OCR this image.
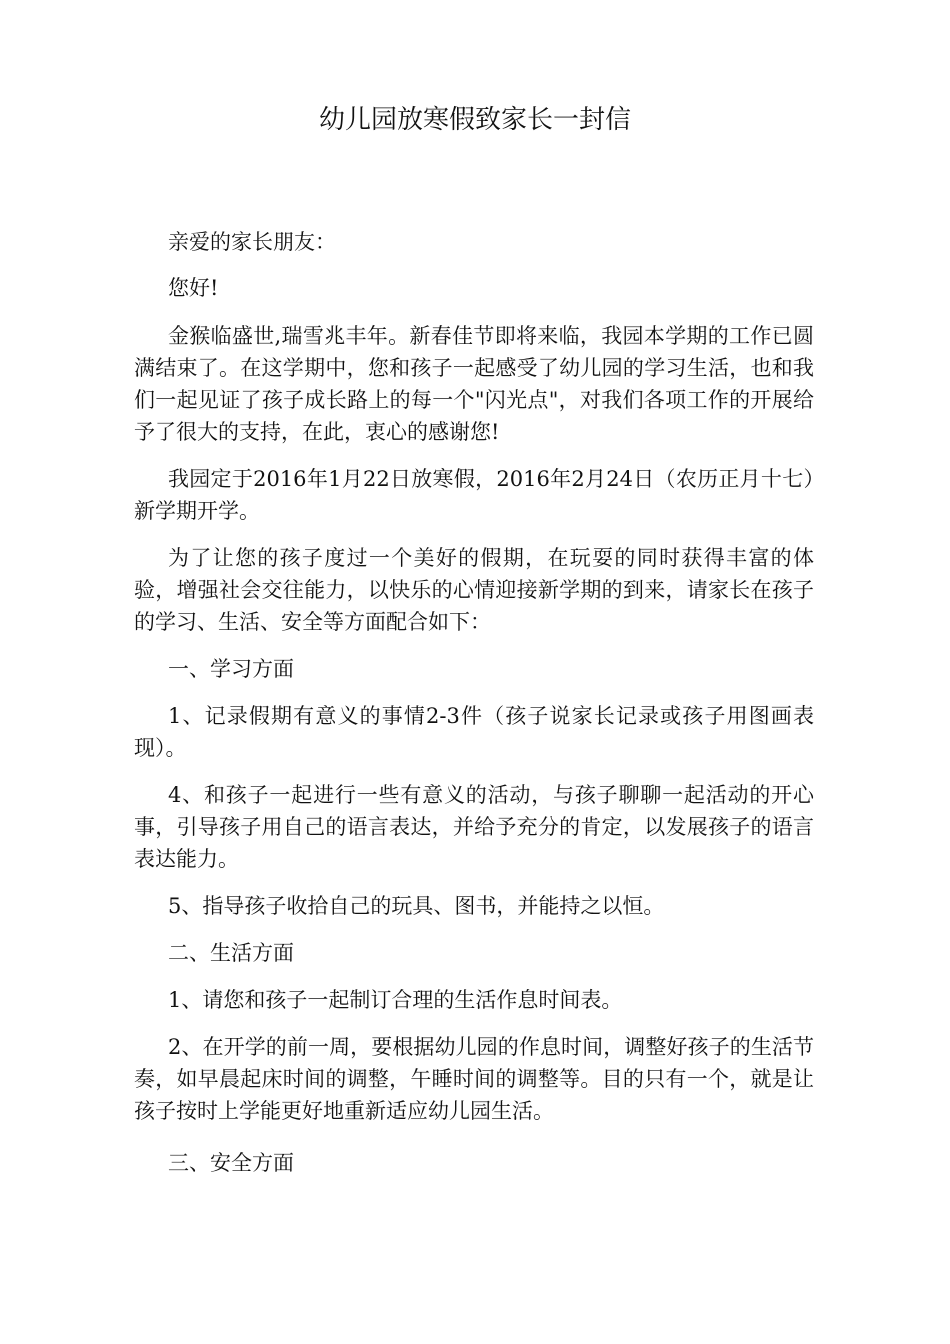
幼儿园放寒假致家长一封信

亲爱的家长朋友：

您好!

金猴临盛世,瑞雪兆丰年。新春佳节即将来临，我园本学期的工作已圆满结束了。在这学期中，您和孩子一起感受了幼儿园的学习生活，也和我们一起见证了孩子成长路上的每一个"闪光点"，对我们各项工作的开展给予了很大的支持，在此，衷心的感谢您!

我园定于2016年1月22日放寒假，2016年2月24日（农历正月十七）新学期开学。

为了让您的孩子度过一个美好的假期，在玩耍的同时获得丰富的体验，增强社会交往能力，以快乐的心情迎接新学期的到来，请家长在孩子的学习、生活、安全等方面配合如下：

一、学习方面

1、记录假期有意义的事情2-3件（孩子说家长记录或孩子用图画表现）。

4、和孩子一起进行一些有意义的活动，与孩子聊聊一起活动的开心事，引导孩子用自己的语言表达，并给予充分的肯定，以发展孩子的语言表达能力。

5、指导孩子收拾自己的玩具、图书，并能持之以恒。

二、生活方面

1、请您和孩子一起制订合理的生活作息时间表。

2、在开学的前一周，要根据幼儿园的作息时间，调整好孩子的生活节奏，如早晨起床时间的调整，午睡时间的调整等。目的只有一个，就是让孩子按时上学能更好地重新适应幼儿园生活。

三、安全方面
